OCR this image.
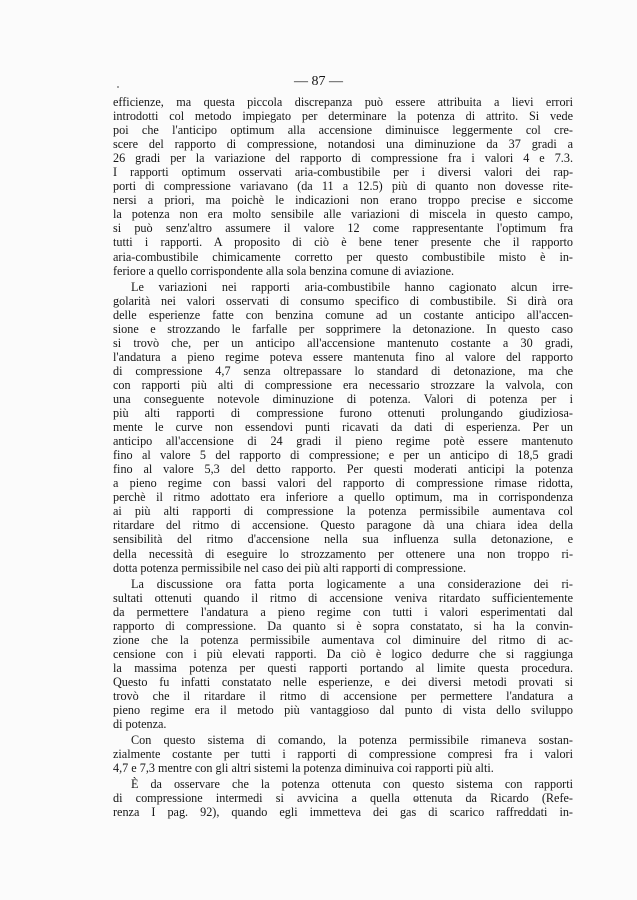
— 87 —
efficienze, ma questa piccola discrepanza può essere attribuita a lievi errori
introdotti col metodo impiegato per determinare la potenza di attrito. Si vede
poi che l'anticipo optimum alla accensione diminuisce leggermente col cre-
scere del rapporto di compressione, notandosi una diminuzione da 37 gradi a
26 gradi per la variazione del rapporto di compressione fra i valori 4 e 7.3.
I rapporti optimum osservati aria-combustibile per i diversi valori dei rap-
porti di compressione variavano (da 11 a 12.5) più di quanto non dovesse rite-
nersi a priori, ma poichè le indicazioni non erano troppo precise e siccome
la potenza non era molto sensibile alle variazioni di miscela in questo campo,
si può senz'altro assumere il valore 12 come rappresentante l'optimum fra
tutti i rapporti. A proposito di ciò è bene tener presente che il rapporto
aria-combustibile chimicamente corretto per questo combustibile misto è in-
feriore a quello corrispondente alla sola benzina comune di aviazione.
Le variazioni nei rapporti aria-combustibile hanno cagionato alcun irre-
golarità nei valori osservati di consumo specifico di combustibile. Si dirà ora
delle esperienze fatte con benzina comune ad un costante anticipo all'accen-
sione e strozzando le farfalle per sopprimere la detonazione. In questo caso
si trovò che, per un anticipo all'accensione mantenuto costante a 30 gradi,
l'andatura a pieno regime poteva essere mantenuta fino al valore del rapporto
di compressione 4,7 senza oltrepassare lo standard di detonazione, ma che
con rapporti più alti di compressione era necessario strozzare la valvola, con
una conseguente notevole diminuzione di potenza. Valori di potenza per i
più alti rapporti di compressione furono ottenuti prolungando giudiziosa-
mente le curve non essendovi punti ricavati da dati di esperienza. Per un
anticipo all'accensione di 24 gradi il pieno regime potè essere mantenuto
fino al valore 5 del rapporto di compressione; e per un anticipo di 18,5 gradi
fino al valore 5,3 del detto rapporto. Per questi moderati anticipi la potenza
a pieno regime con bassi valori del rapporto di compressione rimase ridotta,
perchè il ritmo adottato era inferiore a quello optimum, ma in corrispondenza
ai più alti rapporti di compressione la potenza permissibile aumentava col
ritardare del ritmo di accensione. Questo paragone dà una chiara idea della
sensibilità del ritmo d'accensione nella sua influenza sulla detonazione, e
della necessità di eseguire lo strozzamento per ottenere una non troppo ri-
dotta potenza permissibile nel caso dei più alti rapporti di compressione.
La discussione ora fatta porta logicamente a una considerazione dei ri-
sultati ottenuti quando il ritmo di accensione veniva ritardato sufficientemente
da permettere l'andatura a pieno regime con tutti i valori esperimentati dal
rapporto di compressione. Da quanto si è sopra constatato, si ha la convin-
zione che la potenza permissibile aumentava col diminuire del ritmo di ac-
censione con i più elevati rapporti. Da ciò è logico dedurre che si raggiunga
la massima potenza per questi rapporti portando al limite questa procedura.
Questo fu infatti constatato nelle esperienze, e dei diversi metodi provati si
trovò che il ritardare il ritmo di accensione per permettere l'andatura a
pieno regime era il metodo più vantaggioso dal punto di vista dello sviluppo
di potenza.
Con questo sistema di comando, la potenza permissibile rimaneva sostan-
zialmente costante per tutti i rapporti di compressione compresi fra i valori
4,7 e 7,3 mentre con gli altri sistemi la potenza diminuiva coi rapporti più alti.
È da osservare che la potenza ottenuta con questo sistema con rapporti
di compressione intermedi si avvicina a quella ottenuta da Ricardo (Refe-
renza I pag. 92), quando egli immetteva dei gas di scarico raffreddati in-
